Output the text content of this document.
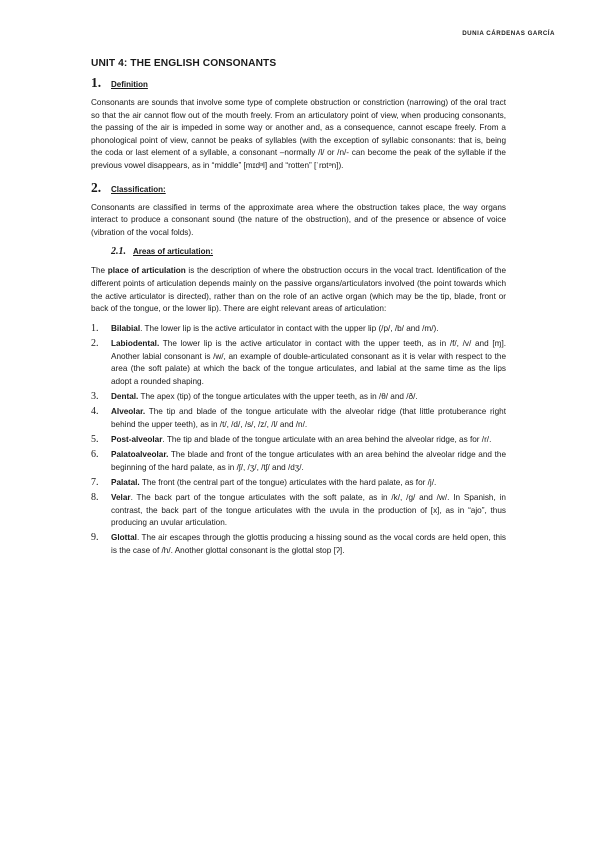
DUNIA CÁRDENAS GARCÍA
UNIT 4: THE ENGLISH CONSONANTS
1.	Definition

Consonants are sounds that involve some type of complete obstruction or constriction (narrowing) of the oral tract so that the air cannot flow out of the mouth freely. From an articulatory point of view, when producing consonants, the passing of the air is impeded in some way or another and, as a consequence, cannot escape freely. From a phonological point of view, cannot be peaks of syllables (with the exception of syllabic consonants: that is, being the coda or last element of a syllable, a consonant –normally /l/ or /n/- can become the peak of the syllable if the previous vowel disappears, as in “middle” [mɪdᵊl] and “rotten” [ˈrɒtᵊn]).

2.	Classification:

Consonants are classified in terms of the approximate area where the obstruction takes place, the way organs interact to produce a consonant sound (the nature of the obstruction), and of the presence or absence of voice (vibration of the vocal folds).

2.1. Areas of articulation:

The place of articulation is the description of where the obstruction occurs in the vocal tract. Identification of the different points of articulation depends mainly on the passive organs/articulators involved (the point towards which the active articulator is directed), rather than on the role of an active organ (which may be the tip, blade, front or back of the tongue, or the lower lip). There are eight relevant areas of articulation:

1.	Bilabial. The lower lip is the active articulator in contact with the upper lip (/p/, /b/ and /m/).
2.	Labiodental. The lower lip is the active articulator in contact with the upper teeth, as in /f/, /v/ and [ɱ]. Another labial consonant is /w/, an example of double-articulated consonant as it is velar with respect to the area (the soft palate) at which the back of the tongue articulates, and labial at the same time as the lips adopt a rounded shaping.
3.	Dental. The apex (tip) of the tongue articulates with the upper teeth, as in /θ/ and /ð/.
4.	Alveolar. The tip and blade of the tongue articulate with the alveolar ridge (that little protuberance right behind the upper teeth), as in /t/, /d/, /s/, /z/, /l/ and /n/.
5.	Post-alveolar. The tip and blade of the tongue articulate with an area behind the alveolar ridge, as for /r/.
6.	Palatoalveolar. The blade and front of the tongue articulates with an area behind the alveolar ridge and the beginning of the hard palate, as in /ʃ/, /ʒ/, /tʃ/ and /dʒ/.
7.	Palatal. The front (the central part of the tongue) articulates with the hard palate, as for /j/.
8.	Velar. The back part of the tongue articulates with the soft palate, as in /k/, /g/ and /w/. In Spanish, in contrast, the back part of the tongue articulates with the uvula in the production of [x], as in “ajo”, thus producing an uvular articulation.
9.	Glottal. The air escapes through the glottis producing a hissing sound as the vocal cords are held open, this is the case of /h/. Another glottal consonant is the glottal stop [ʔ].
